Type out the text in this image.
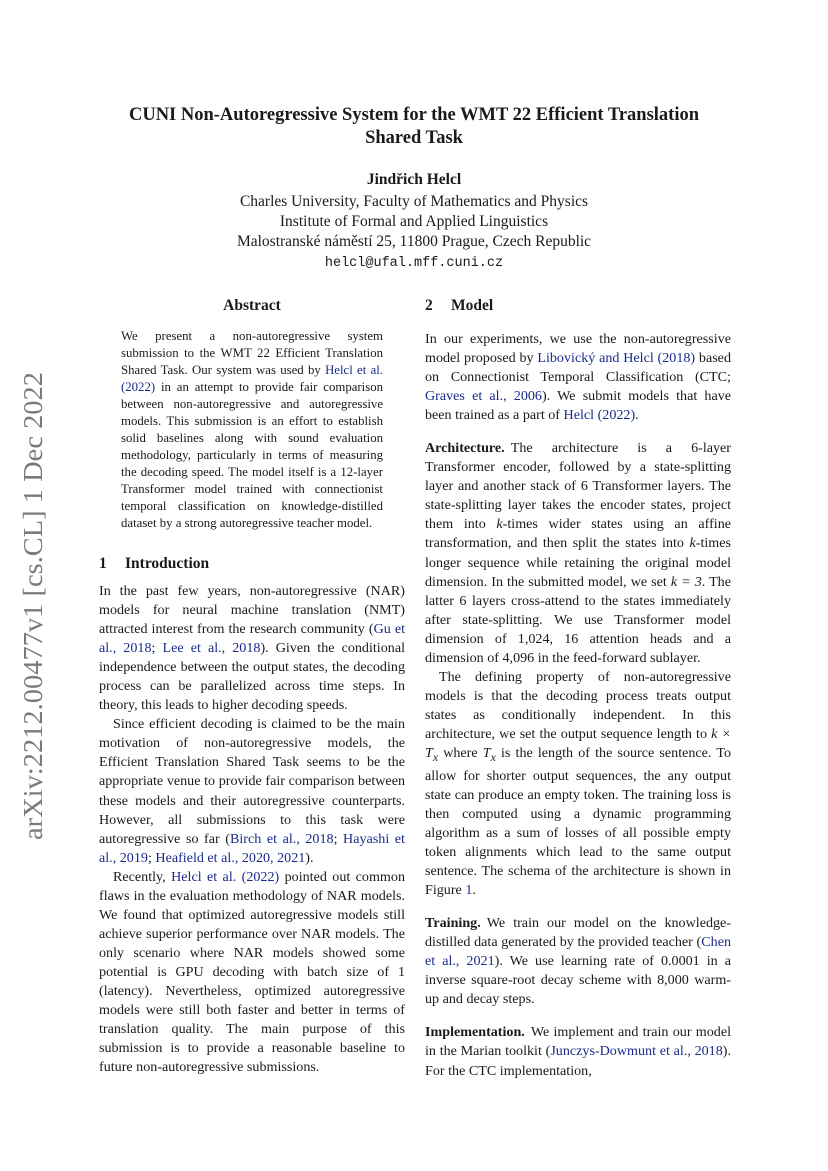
CUNI Non-Autoregressive System for the WMT 22 Efficient Translation Shared Task
Jindřich Helcl
Charles University, Faculty of Mathematics and Physics
Institute of Formal and Applied Linguistics
Malostranské náměstí 25, 11800 Prague, Czech Republic
helcl@ufal.mff.cuni.cz
arXiv:2212.00477v1 [cs.CL] 1 Dec 2022
Abstract
We present a non-autoregressive system submission to the WMT 22 Efficient Translation Shared Task. Our system was used by Helcl et al. (2022) in an attempt to provide fair comparison between non-autoregressive and autoregressive models. This submission is an effort to establish solid baselines along with sound evaluation methodology, particularly in terms of measuring the decoding speed. The model itself is a 12-layer Transformer model trained with connectionist temporal classification on knowledge-distilled dataset by a strong autoregressive teacher model.
1 Introduction

In the past few years, non-autoregressive (NAR) models for neural machine translation (NMT) attracted interest from the research community (Gu et al., 2018; Lee et al., 2018). Given the conditional independence between the output states, the decoding process can be parallelized across time steps. In theory, this leads to higher decoding speeds.

Since efficient decoding is claimed to be the main motivation of non-autoregressive models, the Efficient Translation Shared Task seems to be the appropriate venue to provide fair comparison between these models and their autoregressive counterparts. However, all submissions to this task were autoregressive so far (Birch et al., 2018; Hayashi et al., 2019; Heafield et al., 2020, 2021).

Recently, Helcl et al. (2022) pointed out common flaws in the evaluation methodology of NAR models. We found that optimized autoregressive models still achieve superior performance over NAR models. The only scenario where NAR models showed some potential is GPU decoding with batch size of 1 (latency). Nevertheless, optimized autoregressive models were still both faster and better in terms of translation quality. The main purpose of this submission is to provide a reasonable baseline to future non-autoregressive submissions.

2 Model

In our experiments, we use the non-autoregressive model proposed by Libovický and Helcl (2018) based on Connectionist Temporal Classification (CTC; Graves et al., 2006). We submit models that have been trained as a part of Helcl (2022).

Architecture. The architecture is a 6-layer Transformer encoder, followed by a state-splitting layer and another stack of 6 Transformer layers. The state-splitting layer takes the encoder states, project them into k-times wider states using an affine transformation, and then split the states into k-times longer sequence while retaining the original model dimension. In the submitted model, we set k = 3. The latter 6 layers cross-attend to the states immediately after state-splitting. We use Transformer model dimension of 1,024, 16 attention heads and a dimension of 4,096 in the feed-forward sublayer.

The defining property of non-autoregressive models is that the decoding process treats output states as conditionally independent. In this architecture, we set the output sequence length to $k \times T_x$ where $T_x$ is the length of the source sentence. To allow for shorter output sequences, the any output state can produce an empty token. The training loss is then computed using a dynamic programming algorithm as a sum of losses of all possible empty token alignments which lead to the same output sentence. The schema of the architecture is shown in Figure 1.

Training. We train our model on the knowledge-distilled data generated by the provided teacher (Chen et al., 2021). We use learning rate of 0.0001 in a inverse square-root decay scheme with 8,000 warm-up and decay steps.

Implementation. We implement and train our model in the Marian toolkit (Junczys-Dowmunt et al., 2018). For the CTC implementation,
